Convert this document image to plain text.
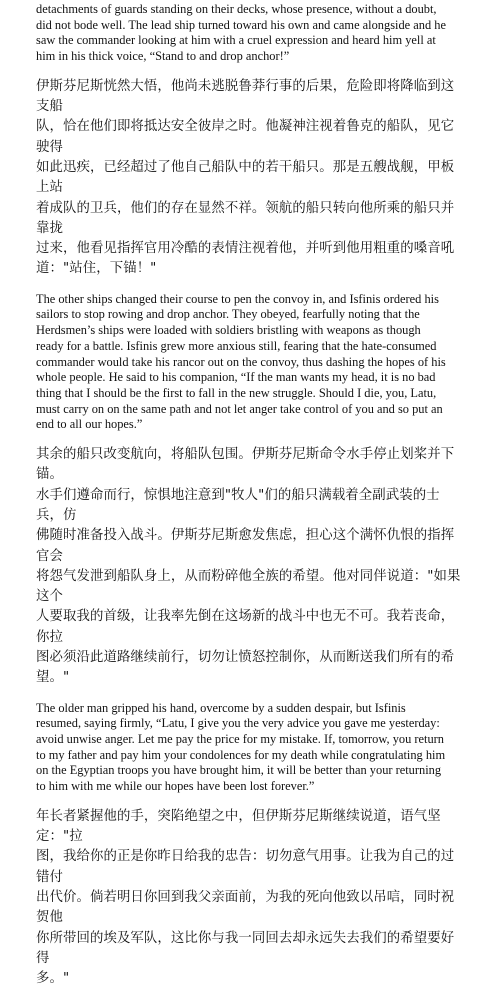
detachments of guards standing on their decks, whose presence, without a doubt,
did not bode well. The lead ship turned toward his own and came alongside and he
saw the commander looking at him with a cruel expression and heard him yell at
him in his thick voice, “Stand to and drop anchor!”

伊斯芬尼斯恍然大悟，他尚未逃脱鲁莽行事的后果，危险即将降临到这支船
队，恰在他们即将抵达安全彼岸之时。他凝神注视着鲁克的船队，见它驶得
如此迅疾，已经超过了他自己船队中的若干船只。那是五艘战舰，甲板上站
着成队的卫兵，他们的存在显然不祥。领航的船只转向他所乘的船只并靠拢
过来，他看见指挥官用冷酷的表情注视着他，并听到他用粗重的嗓音吼
道："站住，下锚！"

The other ships changed their course to pen the convoy in, and Isfinis ordered his
sailors to stop rowing and drop anchor. They obeyed, fearfully noting that the
Herdsmen’s ships were loaded with soldiers bristling with weapons as though
ready for a battle. Isfinis grew more anxious still, fearing that the hate-consumed
commander would take his rancor out on the convoy, thus dashing the hopes of his
whole people. He said to his companion, “If the man wants my head, it is no bad
thing that I should be the first to fall in the new struggle. Should I die, you, Latu,
must carry on on the same path and not let anger take control of you and so put an
end to all our hopes.”

其余的船只改变航向，将船队包围。伊斯芬尼斯命令水手停止划桨并下锚。
水手们遵命而行，惊惧地注意到"牧人"们的船只满载着全副武装的士兵，仿
佛随时准备投入战斗。伊斯芬尼斯愈发焦虑，担心这个满怀仇恨的指挥官会
将怨气发泄到船队身上，从而粉碎他全族的希望。他对同伴说道："如果这个
人要取我的首级，让我率先倒在这场新的战斗中也无不可。我若丧命，你拉
图必须沿此道路继续前行，切勿让愤怒控制你，从而断送我们所有的希望。"

The older man gripped his hand, overcome by a sudden despair, but Isfinis
resumed, saying firmly, “Latu, I give you the very advice you gave me yesterday:
avoid unwise anger. Let me pay the price for my mistake. If, tomorrow, you return
to my father and pay him your condolences for my death while congratulating him
on the Egyptian troops you have brought him, it will be better than your returning
to him with me while our hopes have been lost forever.”

年长者紧握他的手，突陷绝望之中，但伊斯芬尼斯继续说道，语气坚定："拉
图，我给你的正是你昨日给我的忠告：切勿意气用事。让我为自己的过错付
出代价。倘若明日你回到我父亲面前，为我的死向他致以吊唁，同时祝贺他
你所带回的埃及军队，这比你与我一同回去却永远失去我们的希望要好得
多。"
